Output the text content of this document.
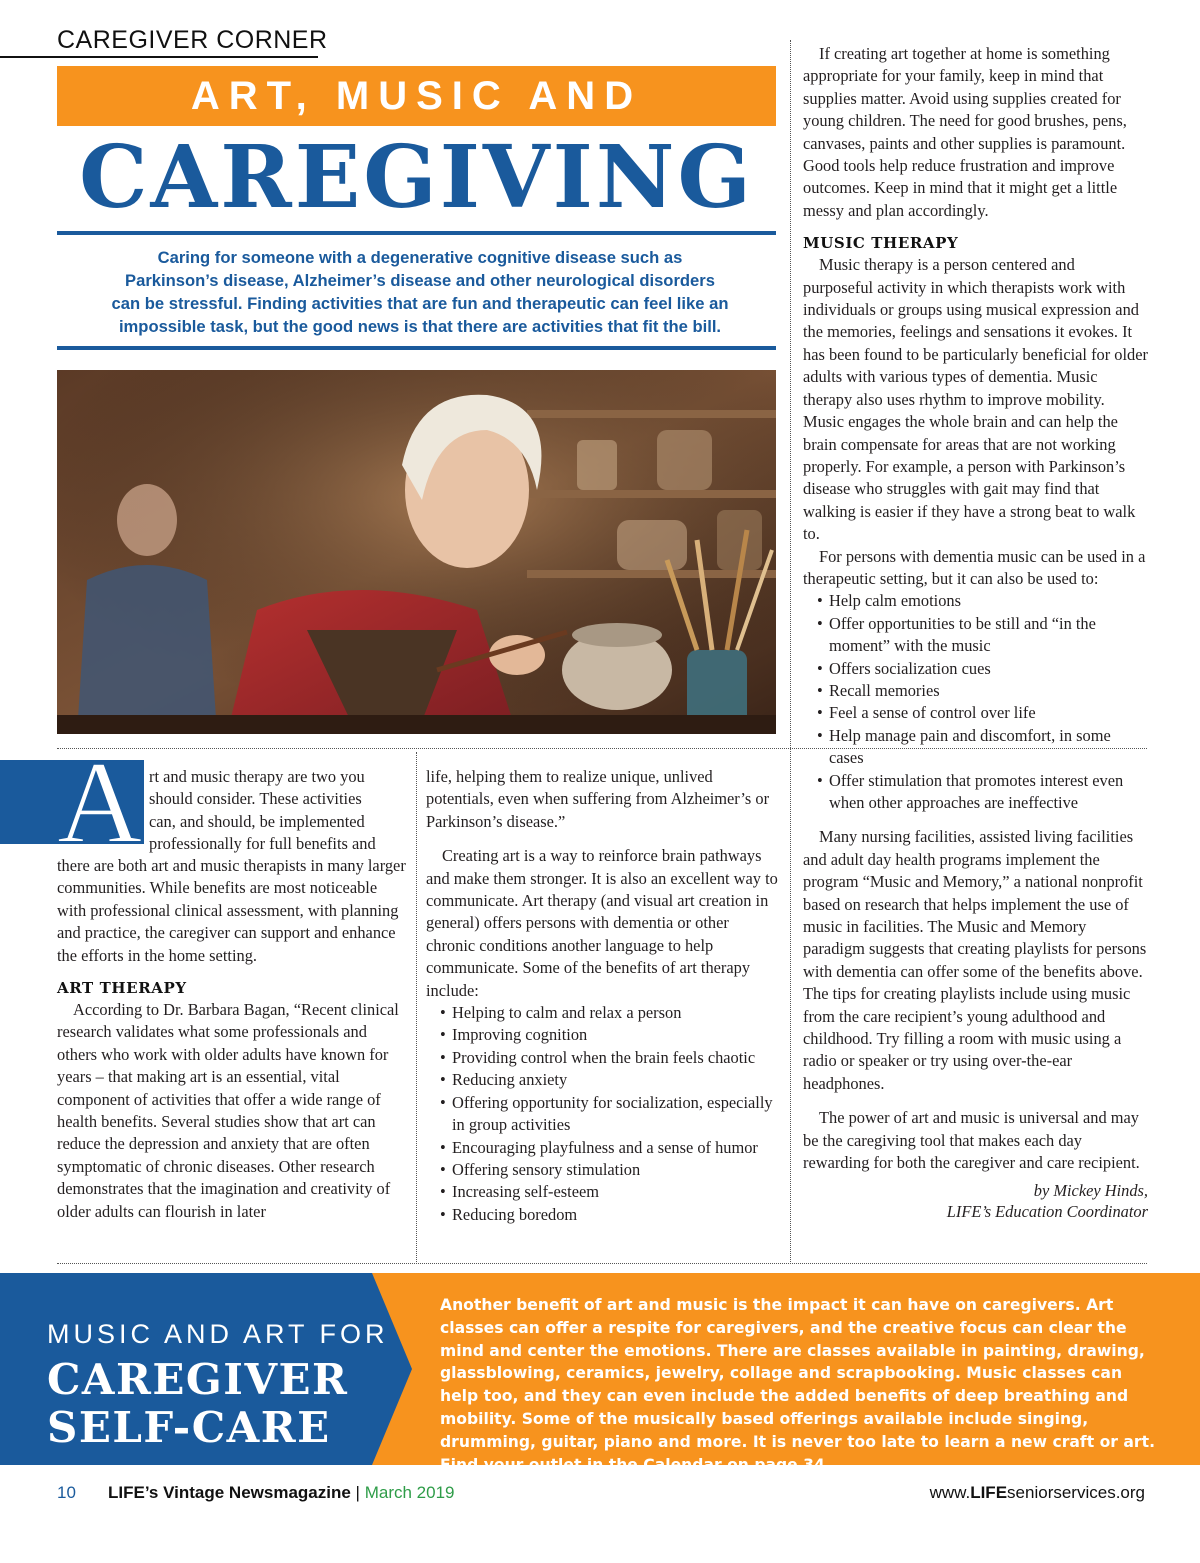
CAREGIVER CORNER
ART, MUSIC AND
CAREGIVING
Caring for someone with a degenerative cognitive disease such as Parkinson’s disease, Alzheimer’s disease and other neurological disorders can be stressful. Finding activities that are fun and therapeutic can feel like an impossible task, but the good news is that there are activities that fit the bill.
A rt and music therapy are two you

should consider. These activities

can, and should, be implemented

professionally for full benefits and

there are both art and music therapists in many larger communities. While benefits are most noticeable with professional clinical assessment, with planning and practice, the caregiver can support and enhance the efforts in the home setting.

ART THERAPY

According to Dr. Barbara Bagan, “Recent clinical research validates what some professionals and others who work with older adults have known for years – that making art is an essential, vital component of activities that offer a wide range of health benefits. Several studies show that art can reduce the depression and anxiety that are often symptomatic of chronic diseases. Other research demonstrates that the imagination and creativity of older adults can flourish in later

life, helping them to realize unique, unlived potentials, even when suffering from Alzheimer’s or Parkinson’s disease.”

Creating art is a way to reinforce brain pathways and make them stronger. It is also an excellent way to communicate. Art therapy (and visual art creation in general) offers persons with dementia or other chronic conditions another language to help communicate. Some of the benefits of art therapy include:

• Helping to calm and relax a person
• Improving cognition
• Providing control when the brain feels chaotic
• Reducing anxiety
• Offering opportunity for socialization, especially in group activities
• Encouraging playfulness and a sense of humor
• Offering sensory stimulation
• Increasing self-esteem
• Reducing boredom

If creating art together at home is something appropriate for your family, keep in mind that supplies matter. Avoid using supplies created for young children. The need for good brushes, pens, canvases, paints and other supplies is paramount. Good tools help reduce frustration and improve outcomes. Keep in mind that it might get a little messy and plan accordingly.

MUSIC THERAPY

Music therapy is a person centered and purposeful activity in which therapists work with individuals or groups using musical expression and the memories, feelings and sensations it evokes. It has been found to be particularly beneficial for older adults with various types of dementia. Music therapy also uses rhythm to improve mobility. Music engages the whole brain and can help the brain compensate for areas that are not working properly. For example, a person with Parkinson’s disease who struggles with gait may find that walking is easier if they have a strong beat to walk to.

For persons with dementia music can be used in a therapeutic setting, but it can also be used to:

• Help calm emotions
• Offer opportunities to be still and “in the moment” with the music
• Offers socialization cues
• Recall memories
• Feel a sense of control over life
• Help manage pain and discomfort, in some cases
• Offer stimulation that promotes interest even when other approaches are ineffective

Many nursing facilities, assisted living facilities and adult day health programs implement the program “Music and Memory,” a national nonprofit based on research that helps implement the use of music in facilities. The Music and Memory paradigm suggests that creating playlists for persons with dementia can offer some of the benefits above. The tips for creating playlists include using music from the care recipient’s young adulthood and childhood. Try filling a room with music using a radio or speaker or try using over-the-ear headphones.

The power of art and music is universal and may be the caregiving tool that makes each day rewarding for both the caregiver and care recipient.

by Mickey Hinds,
LIFE’s Education Coordinator
MUSIC AND ART FOR
CAREGIVER
SELF-CARE
Another benefit of art and music is the impact it can have on caregivers. Art classes can offer a respite for caregivers, and the creative focus can clear the mind and center the emotions. There are classes available in painting, drawing, glassblowing, ceramics, jewelry, collage and scrapbooking. Music classes can help too, and they can even include the added benefits of deep breathing and mobility. Some of the musically based offerings available include singing, drumming, guitar, piano and more. It is never too late to learn a new craft or art. Find your outlet in the Calendar on page 34.
10 LIFE’s Vintage Newsmagazine | March 2019	www.LIFEseniorservices.org
